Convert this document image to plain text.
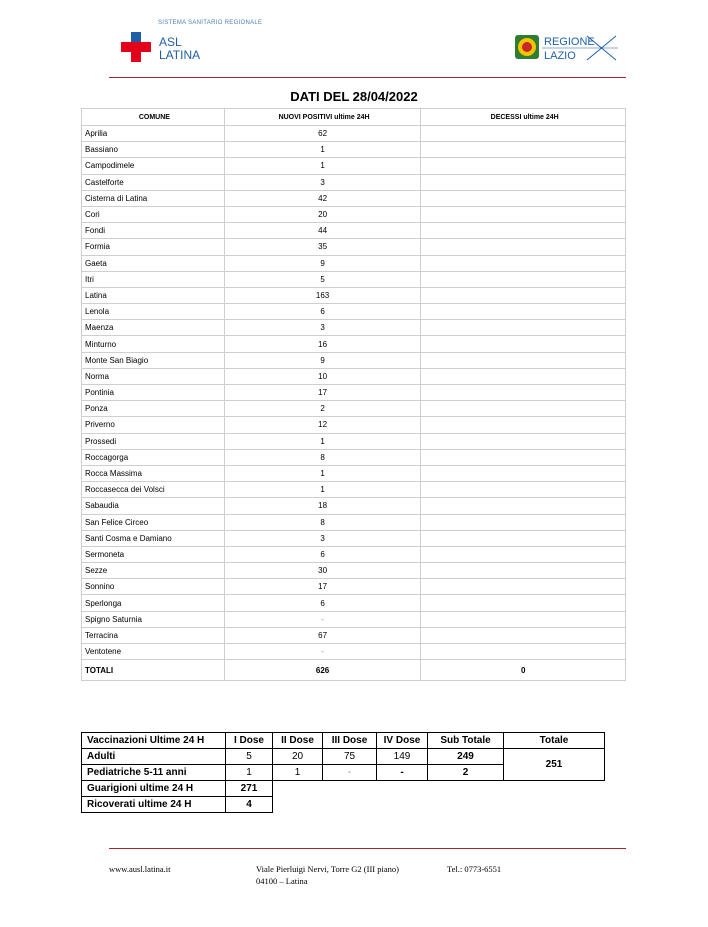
SISTEMA SANITARIO REGIONALE
ASL
LATINA
REGIONE
LAZIO
DATI DEL 28/04/2022
COMUNE	NUOVI POSITIVI ultime 24H	DECESSI ultime 24H
Aprilia	62	
Bassiano	1	
Campodimele	1	
Castelforte	3	
Cisterna di Latina	42	
Cori	20	
Fondi	44	
Formia	35	
Gaeta	9	
Itri	5	
Latina	163	
Lenola	6	
Maenza	3	
Minturno	16	
Monte San Biagio	9	
Norma	10	
Pontinia	17	
Ponza	2	
Priverno	12	
Prossedi	1	
Roccagorga	8	
Rocca Massima	1	
Roccasecca dei Volsci	1	
Sabaudia	18	
San Felice Circeo	8	
Santi Cosma e Damiano	3	
Sermoneta	6	
Sezze	30	
Sonnino	17	
Sperlonga	6	
Spigno Saturnia	-	
Terracina	67	
Ventotene	-	
TOTALI	626	0
Vaccinazioni Ultime 24 H	I Dose	II Dose	III Dose	IV Dose	Sub Totale	Totale
Adulti	5	20	75	149	249	251
Pediatriche 5-11 anni	1	1	-	-	2	
Guarigioni ultime 24 H	271					
Ricoverati ultime 24 H	4					
www.ausl.latina.it	Viale Pierluigi Nervi, Torre G2 (III piano)
04100 – Latina
Tel.: 0773-6551
